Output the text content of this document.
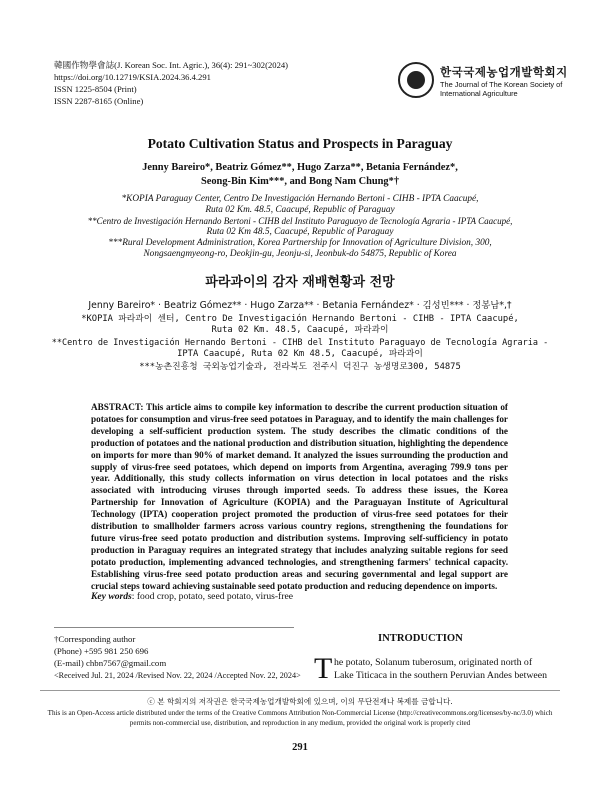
韓國作物學會誌(J. Korean Soc. Int. Agric.), 36(4): 291~302(2024)
https://doi.org/10.12719/KSIA.2024.36.4.291
ISSN 1225-8504 (Print)
ISSN 2287-8165 (Online)
한국국제농업개발학회지
The Journal of The Korean Society of International Agriculture
Potato Cultivation Status and Prospects in Paraguay
Jenny Bareiro*, Beatriz Gómez**, Hugo Zarza**, Betania Fernández*,
Seong-Bin Kim***, and Bong Nam Chung*†
*KOPIA Paraguay Center, Centro De Investigación Hernando Bertoni - CIHB - IPTA Caacupé,
Ruta 02 Km. 48.5, Caacupé, Republic of Paraguay
**Centro de Investigación Hernando Bertoni - CIHB del Instituto Paraguayo de Tecnología Agraria - IPTA Caacupé,
Ruta 02 Km 48.5, Caacupé, Republic of Paraguay
***Rural Development Administration, Korea Partnership for Innovation of Agriculture Division, 300,
Nongsaengmyeong-ro, Deokjin-gu, Jeonju-si, Jeonbuk-do 54875, Republic of Korea
파라과이의 감자 재배현황과 전망
Jenny Bareiro* · Beatriz Gómez** · Hugo Zarza** · Betania Fernández* · 김성빈*** · 정봉남*,†
*KOPIA 파라과이 센터, Centro De Investigación Hernando Bertoni - CIHB - IPTA Caacupé,
Ruta 02 Km. 48.5, Caacupé, 파라과이
**Centro de Investigación Hernando Bertoni - CIHB del Instituto Paraguayo de Tecnología Agraria -
IPTA Caacupé, Ruta 02 Km 48.5, Caacupé, 파라과이
***농촌진흥청 국외농업기술과, 전라북도 전주시 덕진구 농생명로300, 54875
ABSTRACT: This article aims to compile key information to describe the current production situation of potatoes for consumption and virus-free seed potatoes in Paraguay, and to identify the main challenges for developing a self-sufficient production system. The study describes the climatic conditions of the production of potatoes and the national production and distribution situation, highlighting the dependence on imports for more than 90% of market demand. It analyzed the issues surrounding the production and supply of virus-free seed potatoes, which depend on imports from Argentina, averaging 799.9 tons per year. Additionally, this study collects information on virus detection in local potatoes and the risks associated with introducing viruses through imported seeds. To address these issues, the Korea Partnership for Innovation of Agriculture (KOPIA) and the Paraguayan Institute of Agricultural Technology (IPTA) cooperation project promoted the production of virus-free seed potatoes for their distribution to smallholder farmers across various country regions, strengthening the foundations for future virus-free seed potato production and distribution systems. Improving self-sufficiency in potato production in Paraguay requires an integrated strategy that includes analyzing suitable regions for seed potato production, implementing advanced technologies, and strengthening farmers' technical capacity. Establishing virus-free seed potato production areas and securing governmental and legal support are crucial steps toward achieving sustainable seed potato production and reducing dependence on imports.
Key words: food crop, potato, seed potato, virus-free
†Corresponding author
(Phone) +595 981 250 696
(E-mail) chbn7567@gmail.com
<Received Jul. 21, 2024 /Revised Nov. 22, 2024 /Accepted Nov. 22, 2024>
INTRODUCTION
T he potato, Solanum tuberosum, originated north of
Lake Titicaca in the southern Peruvian Andes between
ⓒ 본 학회지의 저작권은 한국국제농업개발학회에 있으며, 이의 무단전재나 복제를 금합니다.
This is an Open-Access article distributed under the terms of the Creative Commons Attribution Non-Commercial License (http://creativecommons.org/licenses/by-nc/3.0) which
permits non-commercial use, distribution, and reproduction in any medium, provided the original work is properly cited
291
